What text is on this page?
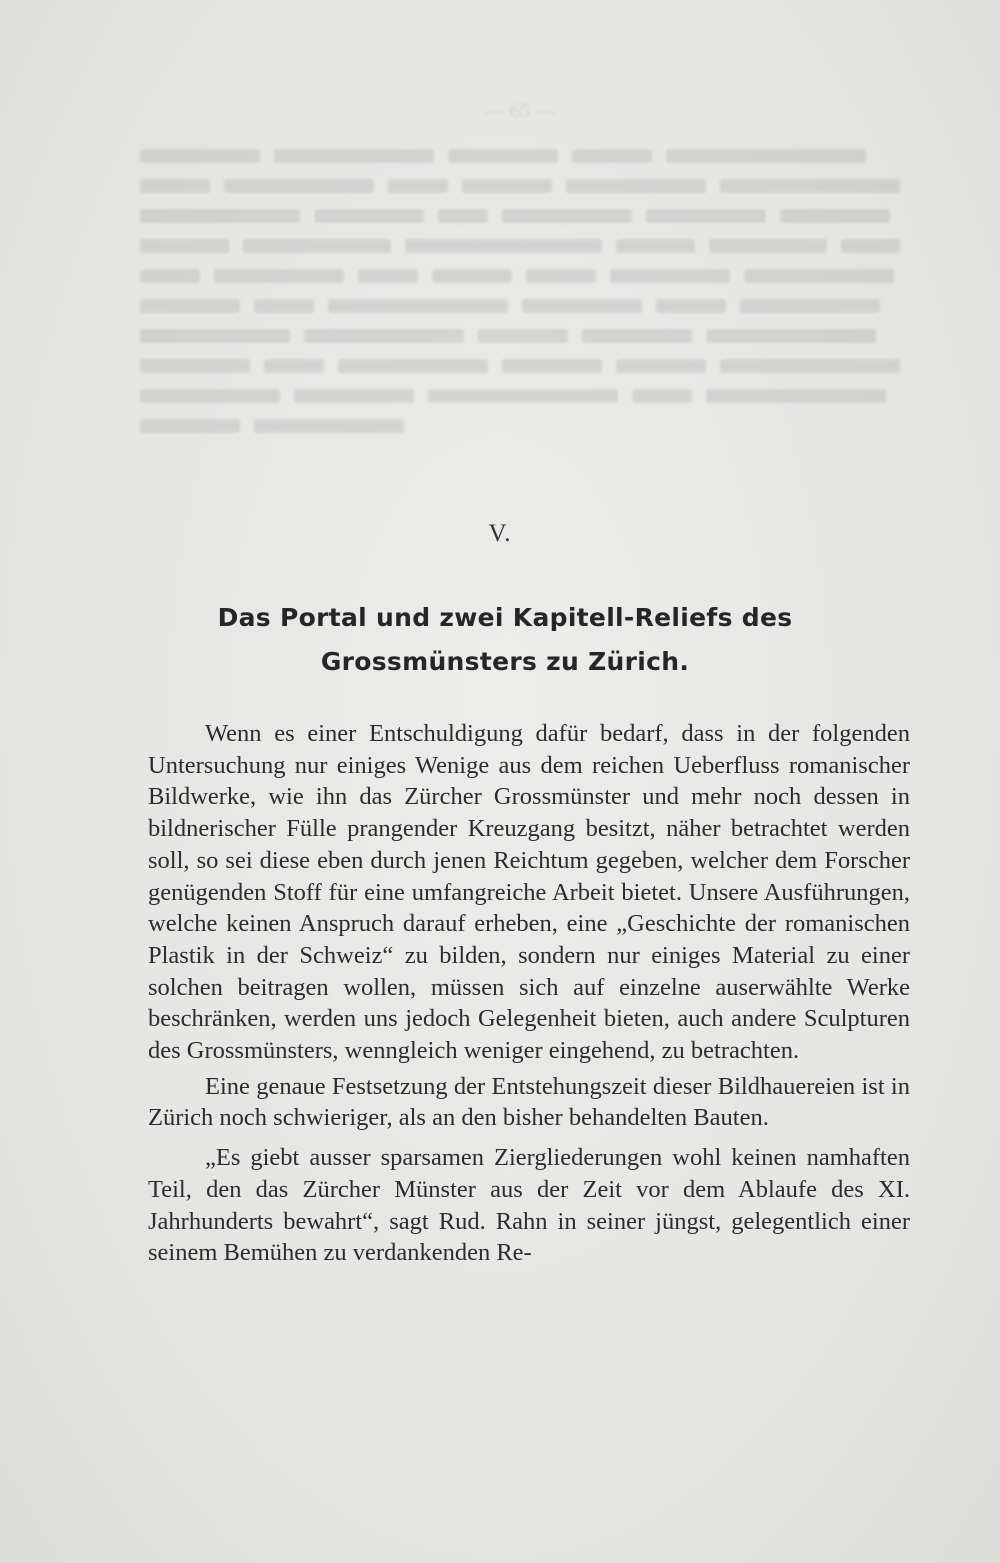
— 65 —
V.
Das Portal und zwei Kapitell-Reliefs des
Grossmünsters zu Zürich.

Wenn es einer Entschuldigung dafür bedarf, dass in der folgenden Untersuchung nur einiges Wenige aus dem reichen Ueberfluss romanischer Bildwerke, wie ihn das Zürcher Grossmünster und mehr noch dessen in bildnerischer Fülle prangender Kreuzgang besitzt, näher betrachtet werden soll, so sei diese eben durch jenen Reichtum gegeben, welcher dem Forscher genügenden Stoff für eine umfangreiche Arbeit bietet. Unsere Ausführungen, welche keinen Anspruch darauf erheben, eine „Geschichte der romanischen Plastik in der Schweiz“ zu bilden, sondern nur einiges Material zu einer solchen beitragen wollen, müssen sich auf einzelne auserwählte Werke beschränken, werden uns jedoch Gelegenheit bieten, auch andere Sculpturen des Grossmünsters, wenngleich weniger eingehend, zu betrachten.

Eine genaue Festsetzung der Entstehungszeit dieser Bildhauereien ist in Zürich noch schwieriger, als an den bisher behandelten Bauten.

„Es giebt ausser sparsamen Ziergliederungen wohl keinen namhaften Teil, den das Zürcher Münster aus der Zeit vor dem Ablaufe des XI. Jahrhunderts bewahrt“, sagt Rud. Rahn in seiner jüngst, gelegentlich einer seinem Bemühen zu verdankenden Re-
